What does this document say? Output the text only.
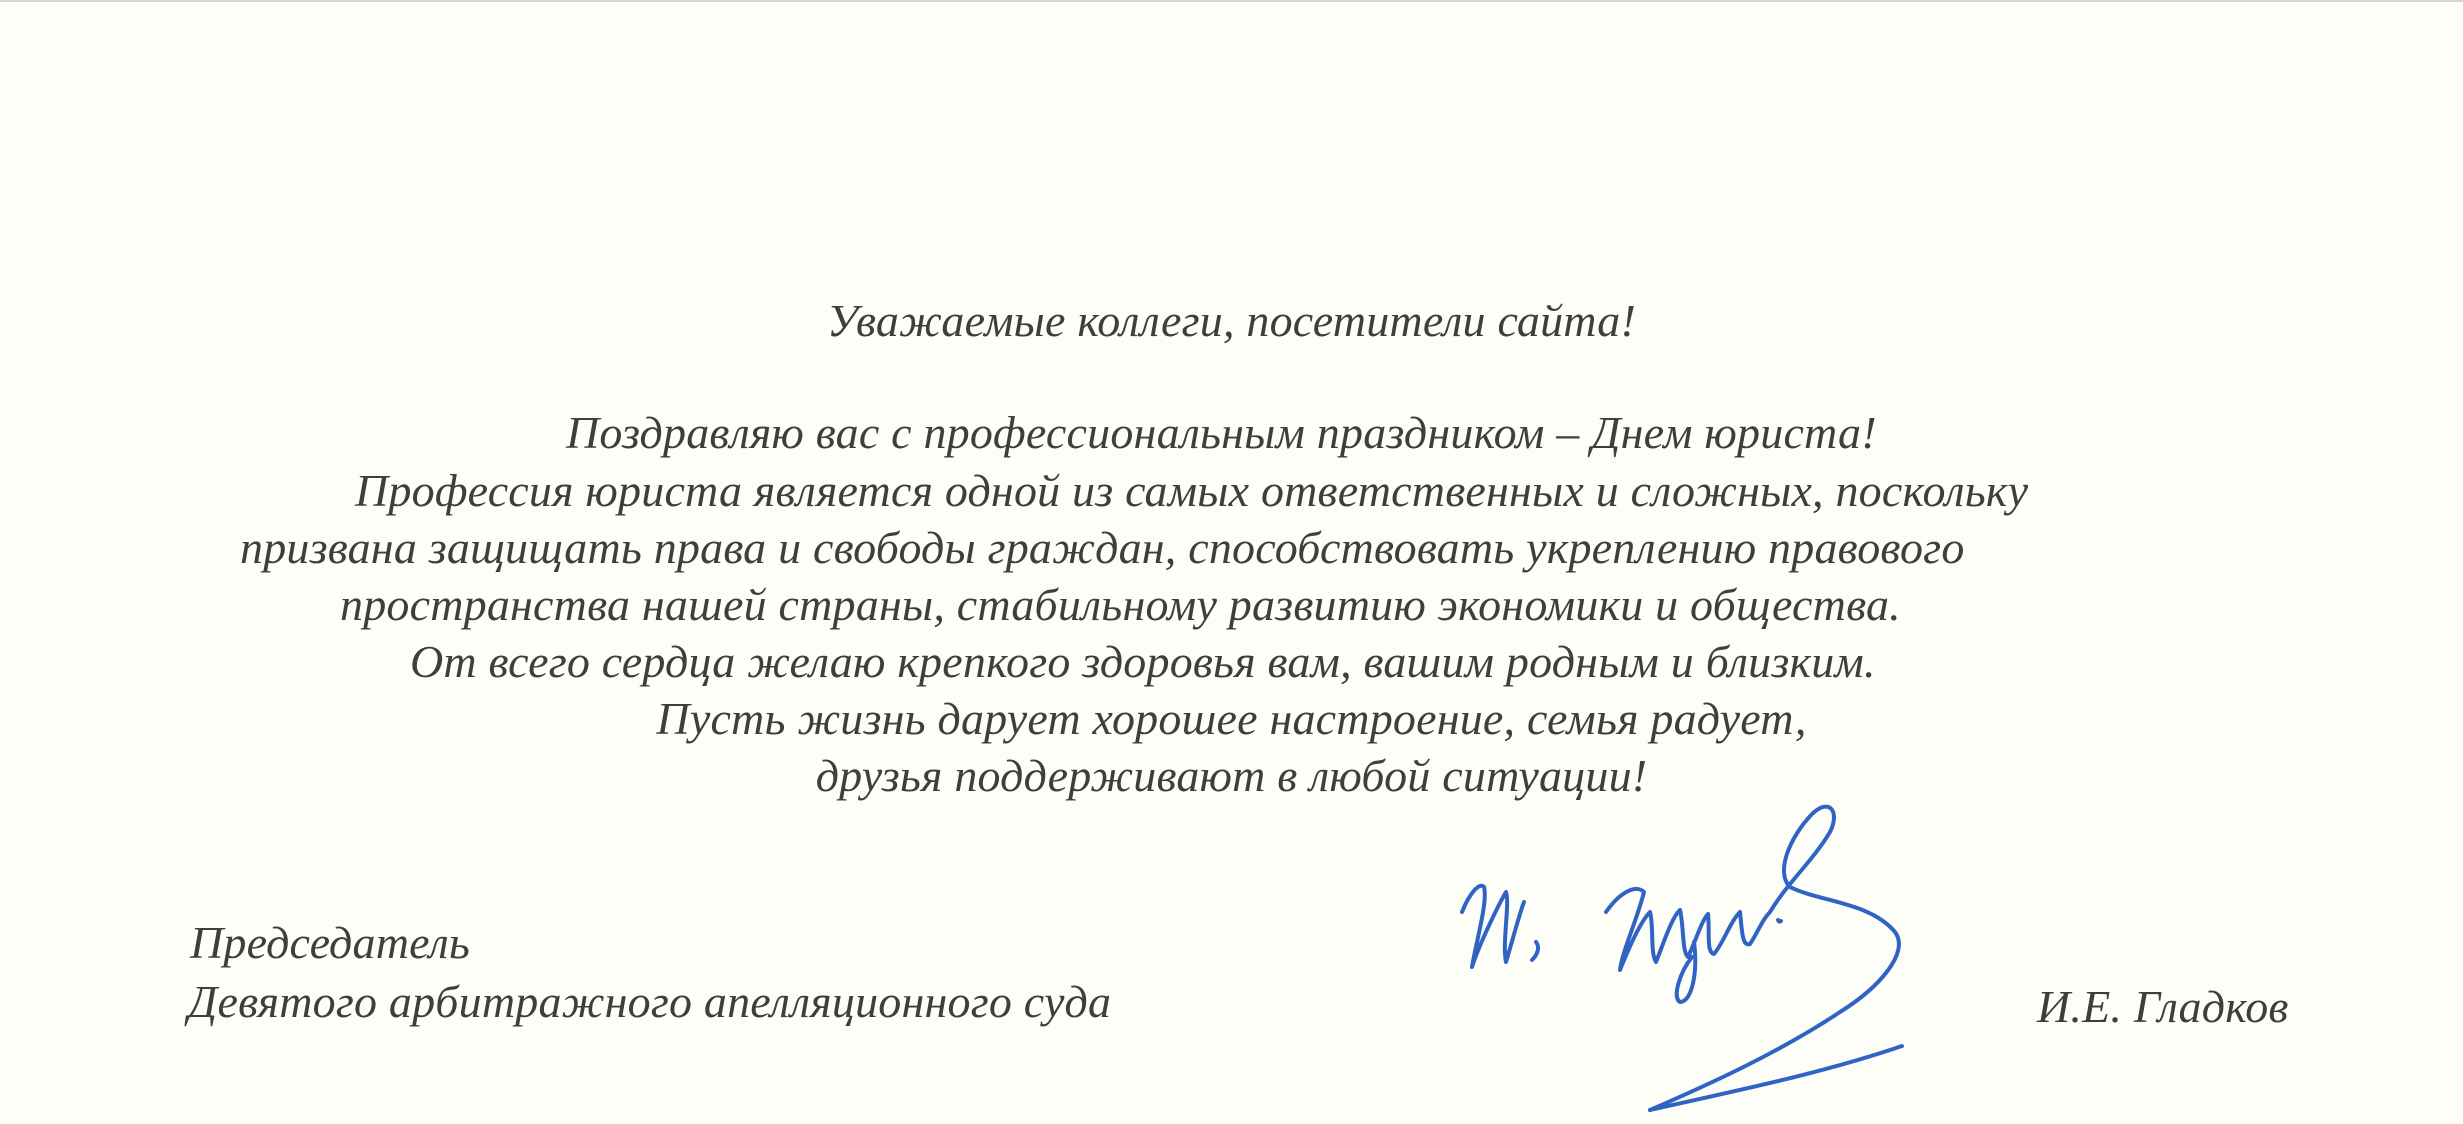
Уважаемые коллеги, посетители сайта!
Поздравляю вас с профессиональным праздником – Днем юриста!
Профессия юриста является одной из самых ответственных и сложных, поскольку
призвана защищать права и свободы граждан, способствовать укреплению правового
пространства нашей страны, стабильному развитию экономики и общества.
От всего сердца желаю крепкого здоровья вам, вашим родным и близким.
Пусть жизнь дарует хорошее настроение, семья радует,
друзья поддерживают в любой ситуации!
Председатель
Девятого арбитражного апелляционного суда	И.Е. Гладков
